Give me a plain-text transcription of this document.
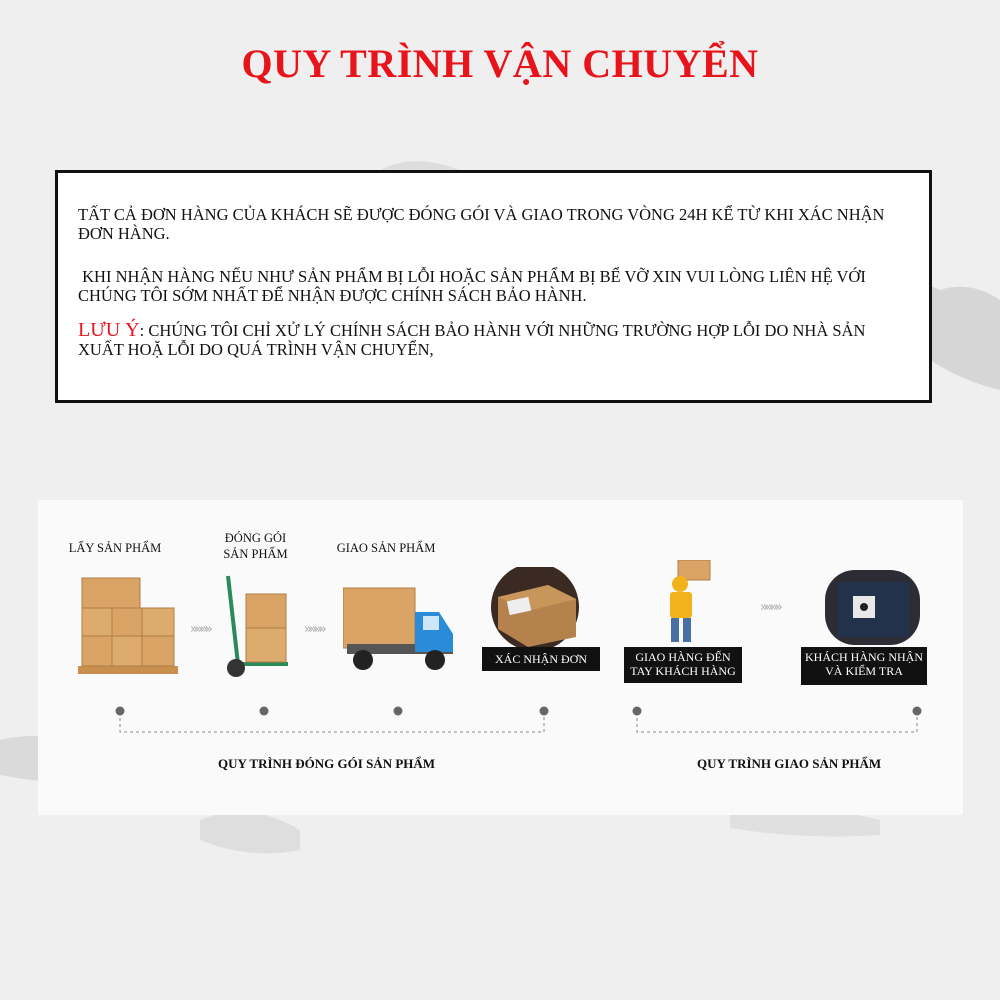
QUY TRÌNH VẬN CHUYỂN

TẤT CẢ ĐƠN HÀNG CỦA KHÁCH SẼ ĐƯỢC ĐÓNG GÓI VÀ GIAO TRONG VÒNG 24H KỂ TỪ KHI XÁC NHẬN ĐƠN HÀNG.

KHI NHẬN HÀNG NẾU NHƯ SẢN PHẨM BỊ LỖI HOẶC SẢN PHẨM BỊ BỂ VỠ XIN VUI LÒNG LIÊN HỆ VỚI CHÚNG TÔI SỚM NHẤT ĐỂ NHẬN ĐƯỢC CHÍNH SÁCH BẢO HÀNH.

LƯU Ý: CHÚNG TÔI CHỈ XỬ LÝ CHÍNH SÁCH BẢO HÀNH VỚI NHỮNG TRƯỜNG HỢP LỖI DO NHÀ SẢN XUẤT HOẶ LỖI DO QUÁ TRÌNH VẬN CHUYỂN,

LẤY SẢN PHẨM
»»»»
ĐÓNG GÓI
SẢN PHẨM
»»»»
GIAO SẢN PHẨM
XÁC NHẬN ĐƠN	GIAO HÀNG ĐẾN
TAY KHÁCH HÀNG
»»»»
KHÁCH HÀNG NHẬN
VÀ KIỂM TRA
QUY TRÌNH ĐÓNG GÓI SẢN PHẨM	QUY TRÌNH GIAO SẢN PHẨM
